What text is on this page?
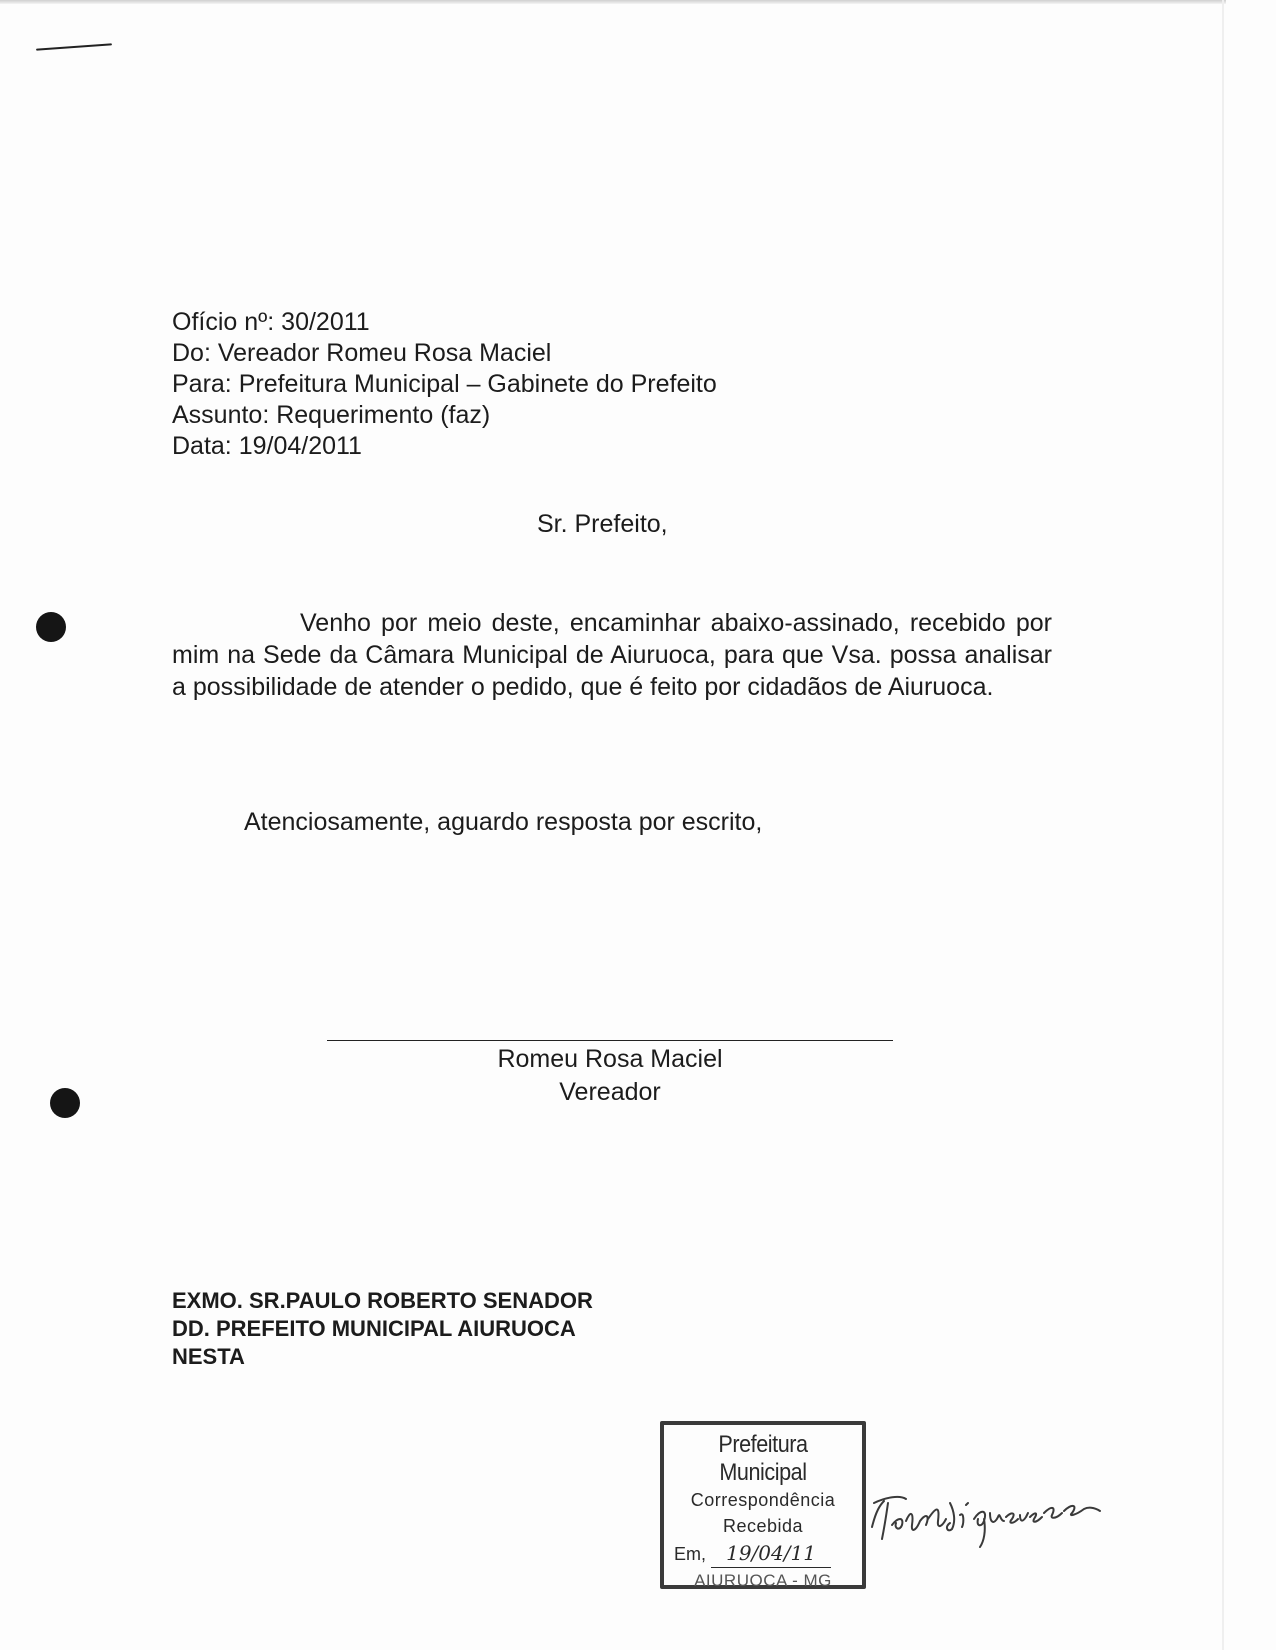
Ofício nº: 30/2011
Do: Vereador Romeu Rosa Maciel
Para: Prefeitura Municipal – Gabinete do Prefeito
Assunto: Requerimento (faz)
Data: 19/04/2011
Sr. Prefeito,
Venho por meio deste, encaminhar abaixo-assinado, recebido por mim na Sede da Câmara Municipal de Aiuruoca, para que Vsa. possa analisar a possibilidade de atender o pedido, que é feito por cidadãos de Aiuruoca.
Atenciosamente, aguardo resposta por escrito,
Romeu Rosa Maciel
Vereador
EXMO. SR.PAULO ROBERTO SENADOR
DD. PREFEITO MUNICIPAL AIURUOCA
NESTA
Prefeitura Municipal
Correspondência
Recebida
Em, 19/04/11
AIURUOCA - MG
